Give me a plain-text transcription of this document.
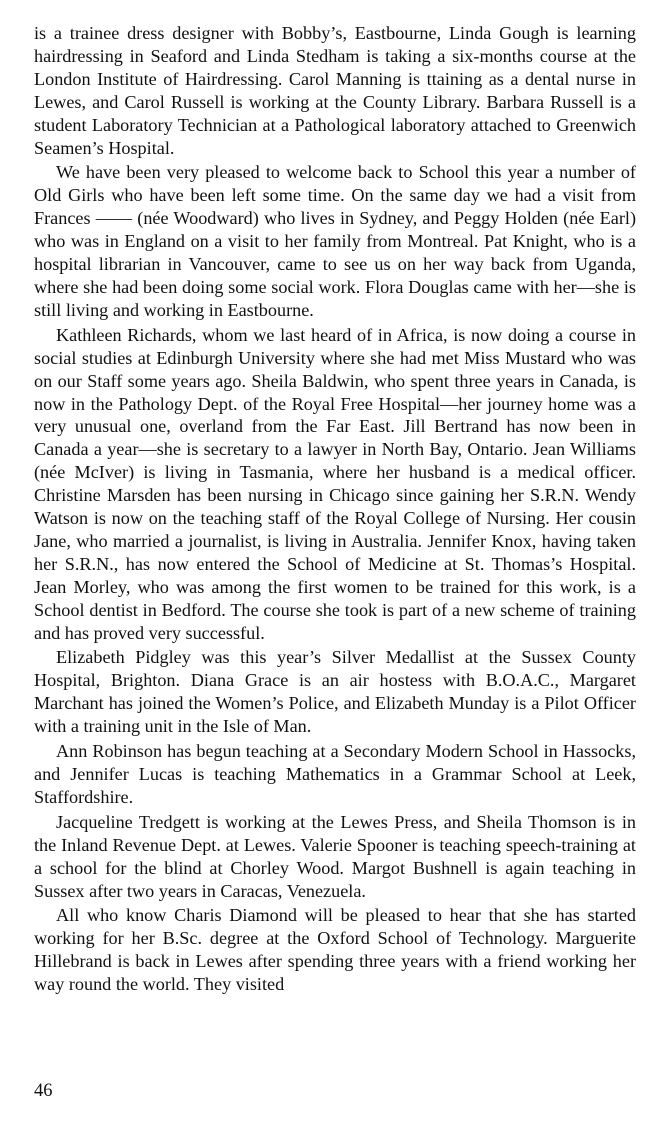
is a trainee dress designer with Bobby’s, Eastbourne, Linda Gough is learning hairdressing in Seaford and Linda Stedham is taking a six-months course at the London Institute of Hairdressing. Carol Manning is ttaining as a dental nurse in Lewes, and Carol Russell is working at the County Library. Barbara Russell is a student Laboratory Technician at a Pathological laboratory attached to Greenwich Seamen’s Hospital.

We have been very pleased to welcome back to School this year a number of Old Girls who have been left some time. On the same day we had a visit from Frances —— (née Woodward) who lives in Sydney, and Peggy Holden (née Earl) who was in England on a visit to her family from Montreal. Pat Knight, who is a hospital librarian in Vancouver, came to see us on her way back from Uganda, where she had been doing some social work. Flora Douglas came with her—she is still living and working in Eastbourne.

Kathleen Richards, whom we last heard of in Africa, is now doing a course in social studies at Edinburgh University where she had met Miss Mustard who was on our Staff some years ago. Sheila Baldwin, who spent three years in Canada, is now in the Pathology Dept. of the Royal Free Hospital—her journey home was a very unusual one, overland from the Far East. Jill Bertrand has now been in Canada a year—she is secretary to a lawyer in North Bay, Ontario. Jean Williams (née McIver) is living in Tasmania, where her husband is a medical officer. Christine Marsden has been nursing in Chicago since gaining her S.R.N. Wendy Watson is now on the teaching staff of the Royal College of Nursing. Her cousin Jane, who married a journalist, is living in Australia. Jennifer Knox, having taken her S.R.N., has now entered the School of Medicine at St. Thomas’s Hospital. Jean Morley, who was among the first women to be trained for this work, is a School dentist in Bedford. The course she took is part of a new scheme of training and has proved very successful.

Elizabeth Pidgley was this year’s Silver Medallist at the Sussex County Hospital, Brighton. Diana Grace is an air hostess with B.O.A.C., Margaret Marchant has joined the Women’s Police, and Elizabeth Munday is a Pilot Officer with a training unit in the Isle of Man.

Ann Robinson has begun teaching at a Secondary Modern School in Hassocks, and Jennifer Lucas is teaching Mathematics in a Grammar School at Leek, Staffordshire.

Jacqueline Tredgett is working at the Lewes Press, and Sheila Thomson is in the Inland Revenue Dept. at Lewes. Valerie Spooner is teaching speech-training at a school for the blind at Chorley Wood. Margot Bushnell is again teaching in Sussex after two years in Caracas, Venezuela.

All who know Charis Diamond will be pleased to hear that she has started working for her B.Sc. degree at the Oxford School of Technology. Marguerite Hillebrand is back in Lewes after spending three years with a friend working her way round the world. They visited

46
